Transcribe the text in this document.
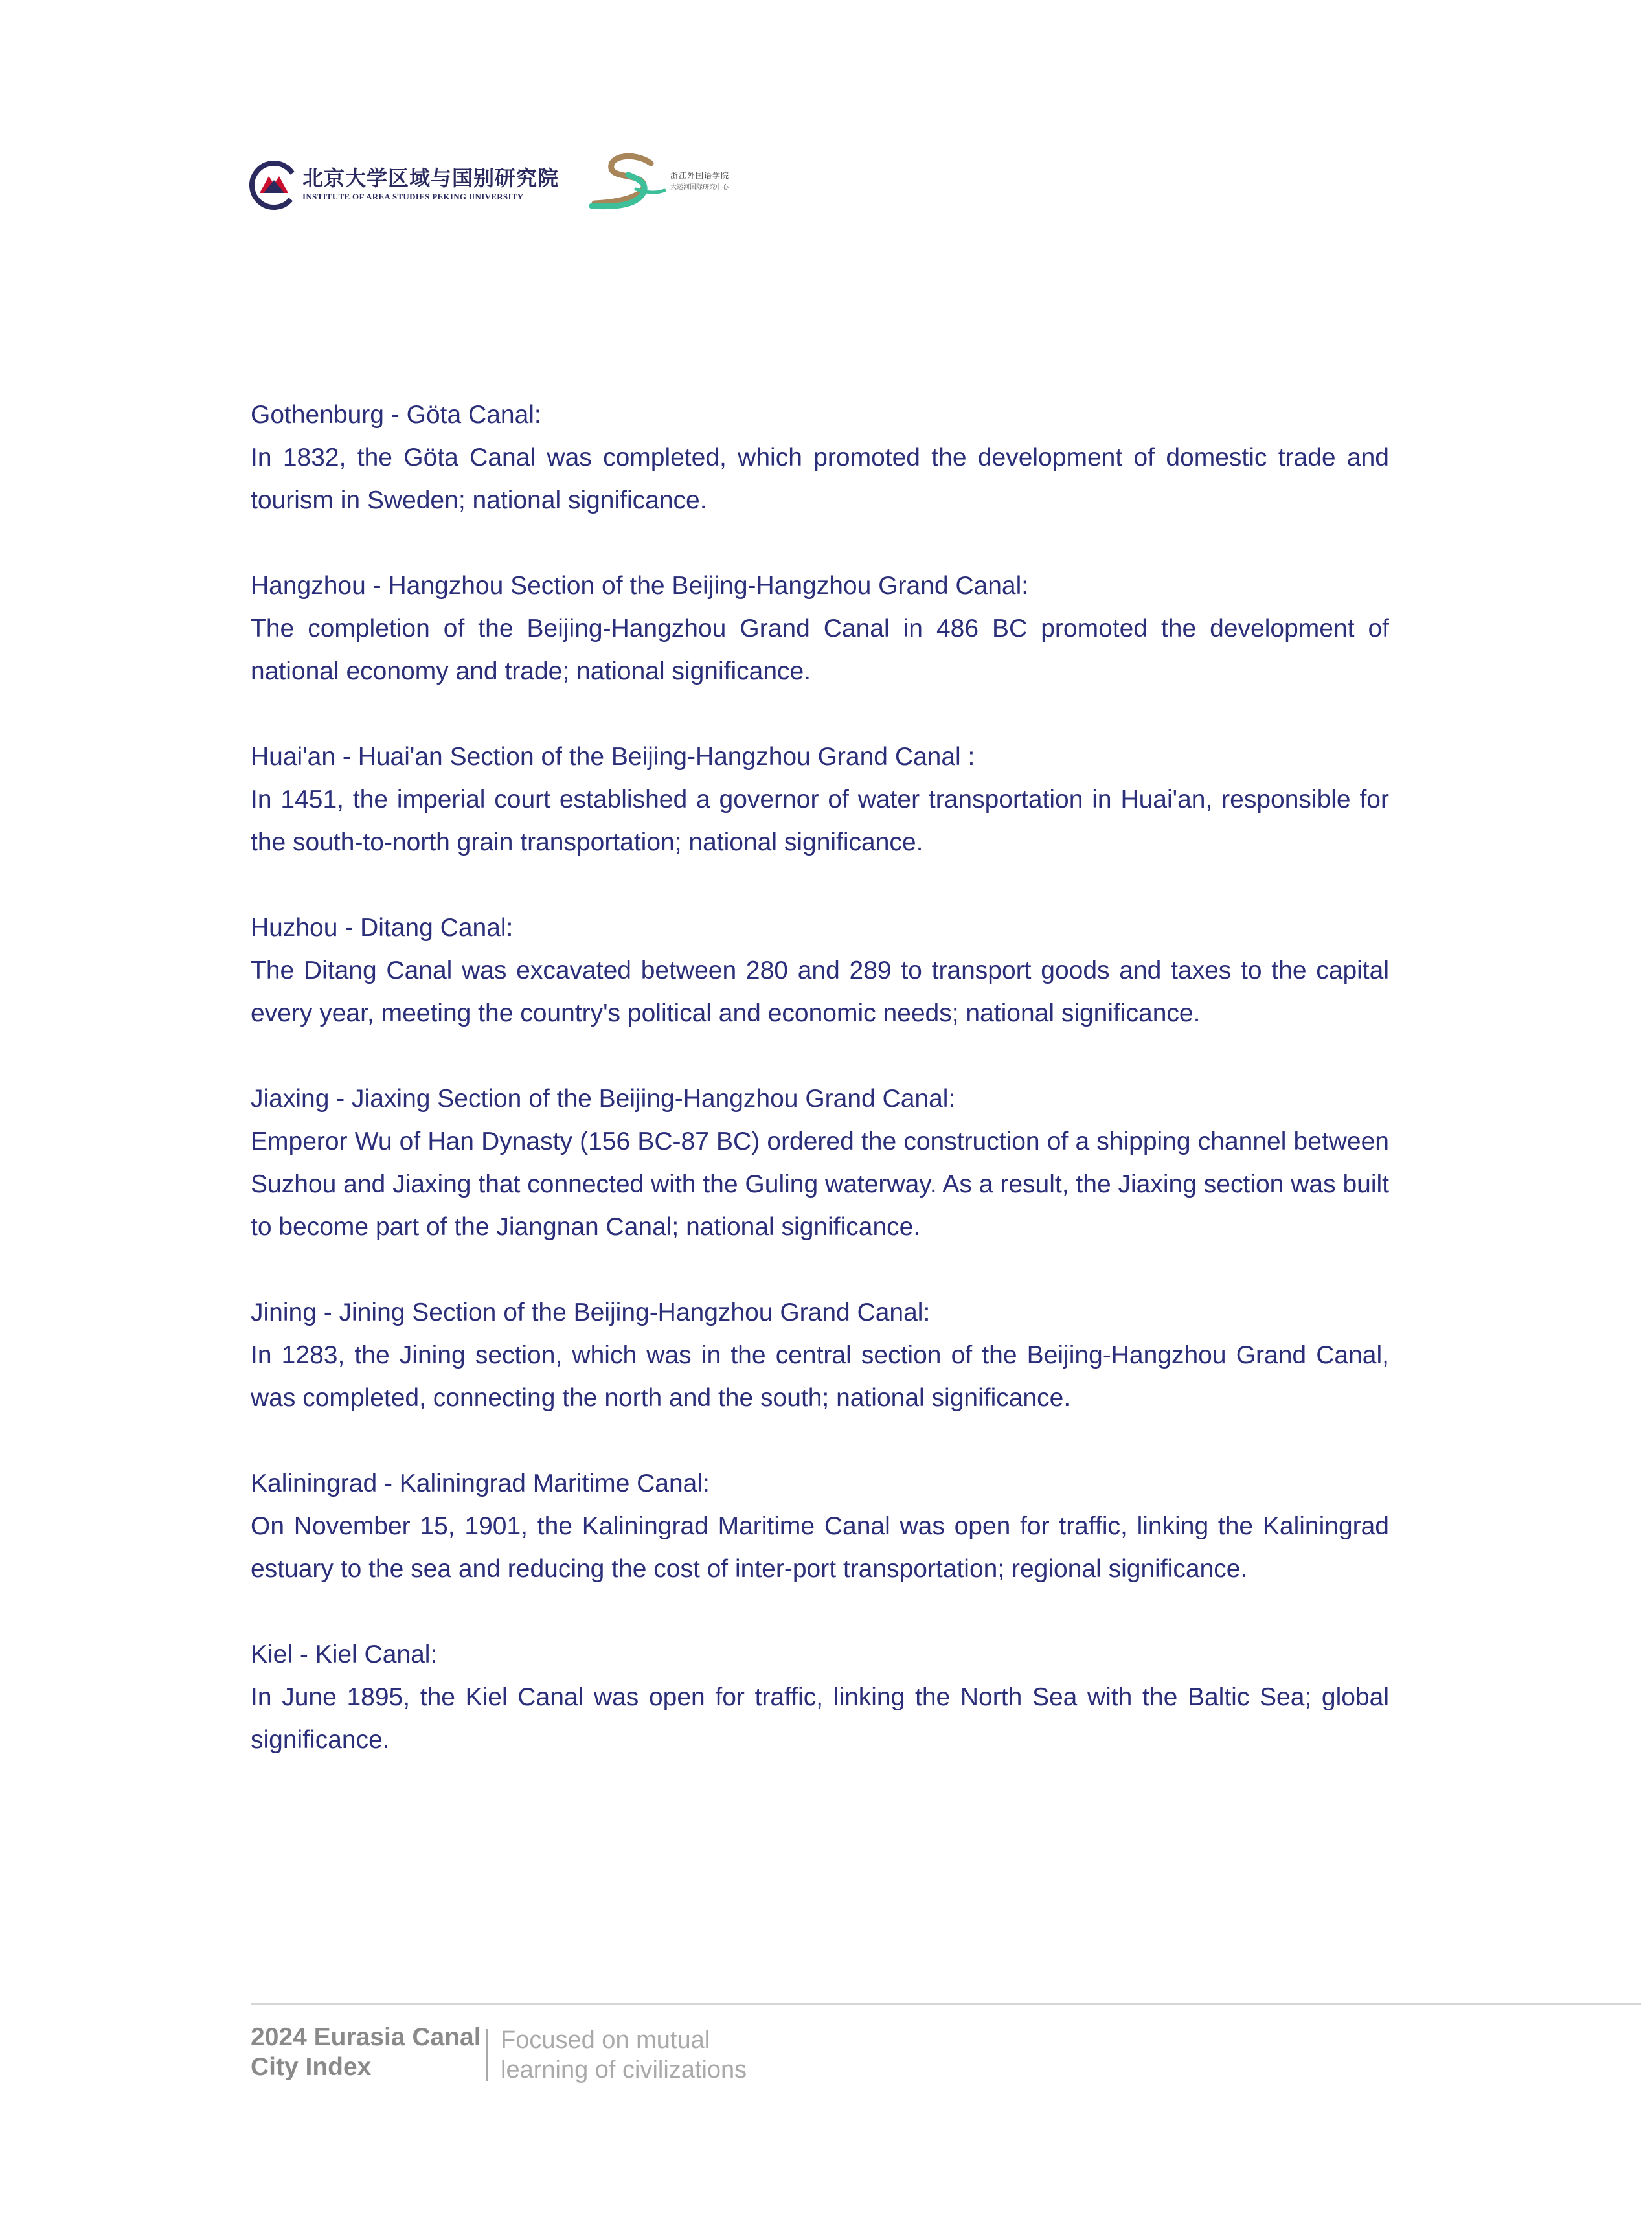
北京大学区域与国别研究院
INSTITUTE OF AREA STUDIES PEKING UNIVERSITY
浙江外国语学院
大运河国际研究中心

Gothenburg - Göta Canal:

In 1832, the Göta Canal was completed, which promoted the development of domestic trade and tourism in Sweden; national significance.

Hangzhou - Hangzhou Section of the Beijing-Hangzhou Grand Canal:

The completion of the Beijing-Hangzhou Grand Canal in 486 BC promoted the development of national economy and trade; national significance.

Huai'an - Huai'an Section of the Beijing-Hangzhou Grand Canal :

In 1451, the imperial court established a governor of water transportation in Huai'an, responsible for the south-to-north grain transportation; national significance.

Huzhou - Ditang Canal:

The Ditang Canal was excavated between 280 and 289 to transport goods and taxes to the capital every year, meeting the country's political and economic needs; national significance.

Jiaxing - Jiaxing Section of the Beijing-Hangzhou Grand Canal:

Emperor Wu of Han Dynasty (156 BC-87 BC) ordered the construction of a shipping channel between Suzhou and Jiaxing that connected with the Guling waterway. As a result, the Jiaxing section was built to become part of the Jiangnan Canal; national significance.

Jining - Jining Section of the Beijing-Hangzhou Grand Canal:

In 1283, the Jining section, which was in the central section of the Beijing-Hangzhou Grand Canal, was completed, connecting the north and the south; national significance.

Kaliningrad - Kaliningrad Maritime Canal:

On November 15, 1901, the Kaliningrad Maritime Canal was open for traffic, linking the Kaliningrad estuary to the sea and reducing the cost of inter-port transportation; regional significance.

Kiel - Kiel Canal:

In June 1895, the Kiel Canal was open for traffic, linking the North Sea with the Baltic Sea; global significance.

2024 Eurasia Canal
City Index
Focused on mutual
learning of civilizations
